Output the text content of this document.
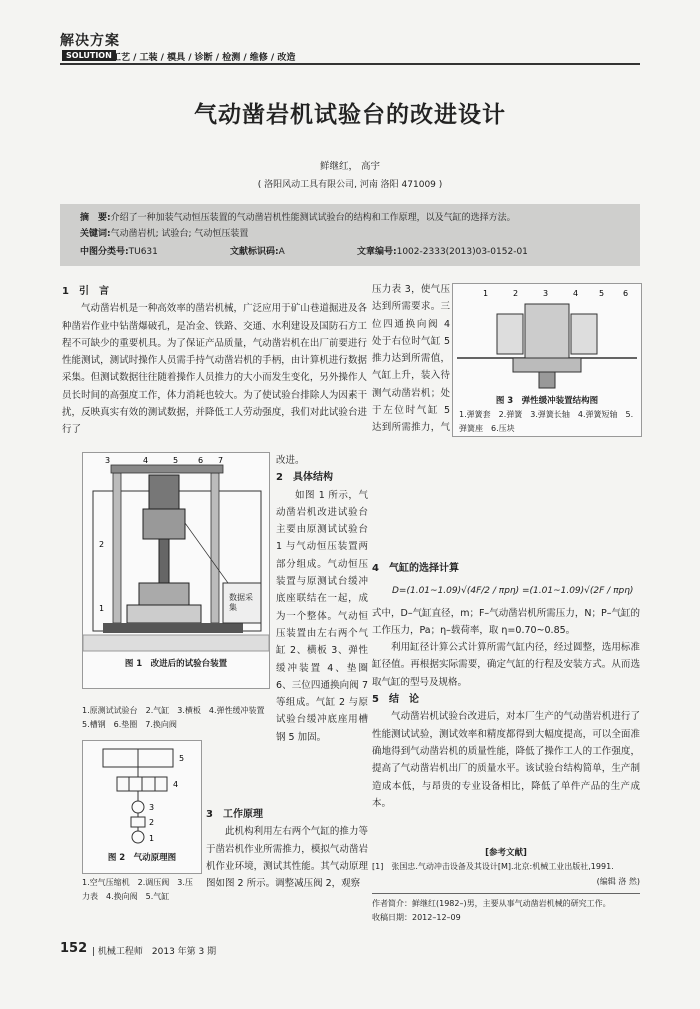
解决方案
SOLUTION 工艺 / 工装 / 模具 / 诊断 / 检测 / 维修 / 改造
气动凿岩机试验台的改进设计
鲜继红， 高宇
( 洛阳风动工具有限公司, 河南 洛阳 471009 )
摘　要:介绍了一种加装气动恒压装置的气动凿岩机性能测试试验台的结构和工作原理，以及气缸的选择方法。
关键词:气动凿岩机; 试验台; 气动恒压装置
中图分类号:TU631	文献标识码:A	文章编号:1002-2333(2013)03-0152-01
1　引　言

气动凿岩机是一种高效率的凿岩机械，广泛应用于矿山巷道掘进及各种凿岩作业中钻凿爆破孔，是冶金、铁路、交通、水利建设及国防石方工程不可缺少的重要机具。为了保证产品质量，气动凿岩机在出厂前要进行性能测试，测试时操作人员需手持气动凿岩机的手柄，由计算机进行数据采集。但测试数据往往随着操作人员推力的大小而发生变化，另外操作人员长时间的高强度工作，体力消耗也较大。为了使试验台排除人为因素干扰，反映真实有效的测试数据，并降低工人劳动强度，我们对此试验台进行了

3	4	5 6 7
2
1
数据采集
图 1　改进后的试验台装置
1.原测试试验台　2.气缸　3.横板　4.弹性缓冲装置　5.槽钢　6.垫圈　7.换向阀
5
4
3
2
1
图 2　气动原理图
1.空气压缩机　2.调压阀　3.压力表　4.换向阀　5.气缸
改进。
2　具体结构

如图 1 所示，气动凿岩机改进试验台主要由原测试试验台 1 与气动恒压装置两部分组成。气动恒压装置与原测试台缓冲底座联结在一起，成为一个整体。气动恒压装置由左右两个气缸 2、横板 3、弹性缓冲装置 4、垫圈 6、三位四通换向阀 7 等组成。气缸 2 与原试验台缓冲底座用槽钢 5 加固。

3　工作原理

此机构利用左右两个气缸的推力等于凿岩机作业所需推力，模拟气动凿岩机作业环境，测试其性能。其气动原理图如图 2 所示。调整减压阀 2，观察

1	2	3	4	5 6
图 3　弹性缓冲装置结构图
1.弹簧套　2.弹簧　3.弹簧长轴　4.弹簧短轴　5.弹簧座　6.压块

压力表 3，使气压达到所需要求。三位四通换向阀 4 处于右位时气缸 5 推力达到所需值，气缸上升，装入待测气动凿岩机；处于左位时气缸 5 达到所需推力，气

4　气缸的选择计算
D=(1.01~1.09)√(4F/2 / πpη) =(1.01~1.09)√(2F / πpη)

式中，D–气缸直径，m；F–气动凿岩机所需压力，N；P–气缸的工作压力，Pa；η–载荷率，取 η=0.70~0.85。

利用缸径计算公式计算所需气缸内径，经过圆整，选用标准缸径值。再根据实际需要，确定气缸的行程及安装方式。从而选取气缸的型号及规格。

5　结　论

气动凿岩机试验台改进后，对本厂生产的气动凿岩机进行了性能测试试验，测试效率和精度都得到大幅度提高，可以全面准确地得到气动凿岩机的质量性能，降低了操作工人的工作强度，提高了气动凿岩机出厂的质量水平。该试验台结构简单，生产制造成本低，与昂贵的专业设备相比，降低了单件产品的生产成本。

[参考文献]
[1]　张国忠.气动冲击设备及其设计[M].北京:机械工业出版社,1991.
(编辑 洛 然)
作者简介：鲜继红(1982–)男，主要从事气动凿岩机械的研究工作。
收稿日期：2012–12–09
152 | 机械工程师　2013 年第 3 期
